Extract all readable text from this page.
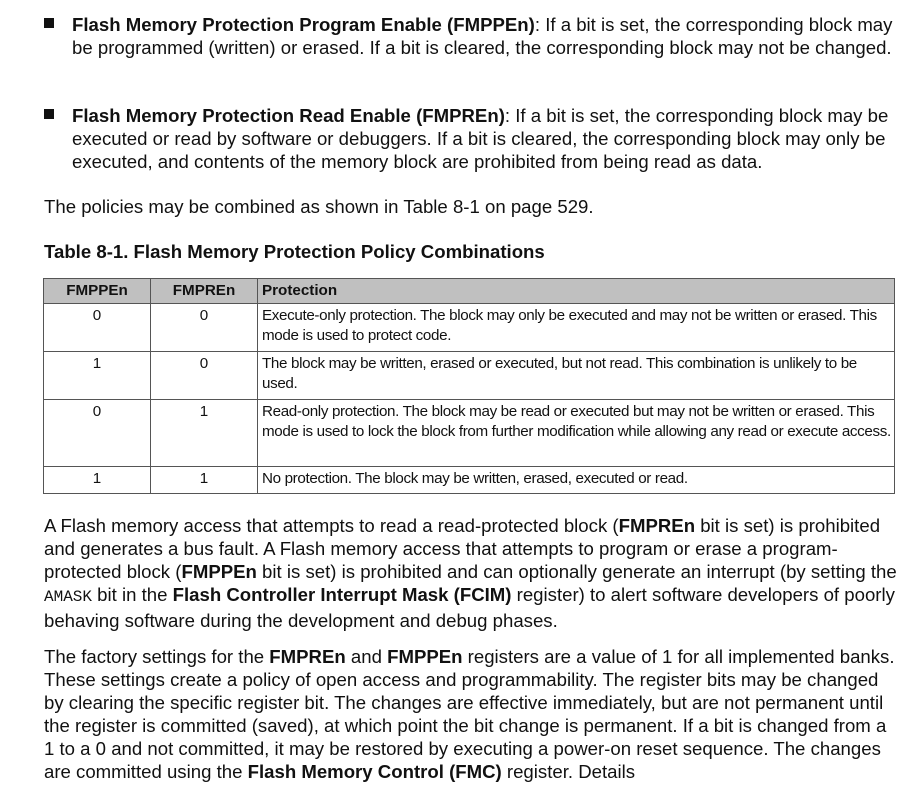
Flash Memory Protection Program Enable (FMPPEn): If a bit is set, the corresponding block may be programmed (written) or erased. If a bit is cleared, the corresponding block may not be changed.
Flash Memory Protection Read Enable (FMPREn): If a bit is set, the corresponding block may be executed or read by software or debuggers. If a bit is cleared, the corresponding block may only be executed, and contents of the memory block are prohibited from being read as data.
The policies may be combined as shown in Table 8-1 on page 529.
Table 8-1. Flash Memory Protection Policy Combinations
FMPPEn	FMPREn	Protection
0	0	Execute-only protection. The block may only be executed and may not be written or erased. This mode is used to protect code.
1	0	The block may be written, erased or executed, but not read. This combination is unlikely to be used.
0	1	Read-only protection. The block may be read or executed but may not be written or erased. This mode is used to lock the block from further modification while allowing any read or execute access.
1	1	No protection. The block may be written, erased, executed or read.
A Flash memory access that attempts to read a read-protected block (FMPREn bit is set) is prohibited and generates a bus fault. A Flash memory access that attempts to program or erase a program-protected block (FMPPEn bit is set) is prohibited and can optionally generate an interrupt (by setting the AMASK bit in the Flash Controller Interrupt Mask (FCIM) register) to alert software developers of poorly behaving software during the development and debug phases.
The factory settings for the FMPREn and FMPPEn registers are a value of 1 for all implemented banks. These settings create a policy of open access and programmability. The register bits may be changed by clearing the specific register bit. The changes are effective immediately, but are not permanent until the register is committed (saved), at which point the bit change is permanent. If a bit is changed from a 1 to a 0 and not committed, it may be restored by executing a power-on reset sequence. The changes are committed using the Flash Memory Control (FMC) register. Details
